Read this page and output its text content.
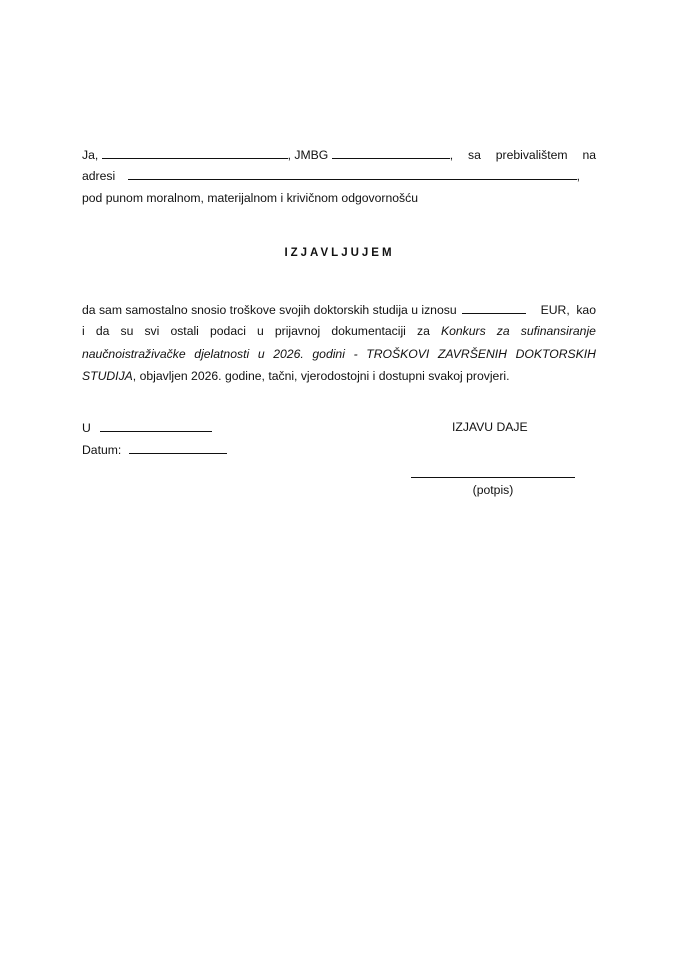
Ja,	, JMBG	, sa prebivalištem na
adresi	,
pod punom moralnom, materijalnom i krivičnom odgovornošću
IZJAVLJUJEM
da sam samostalno snosio troškove svojih doktorskih studija u iznosu	EUR, kao
i da su svi ostali podaci u prijavnoj dokumentaciji za Konkurs za sufinansiranje
naučnoistraživačke djelatnosti u 2026. godini - TROŠKOVI ZAVRŠENIH DOKTORSKIH
STUDIJA, objavljen 2026. godine, tačni, vjerodostojni i dostupni svakoj provjeri.
U
Datum:
IZJAVU DAJE
(potpis)
